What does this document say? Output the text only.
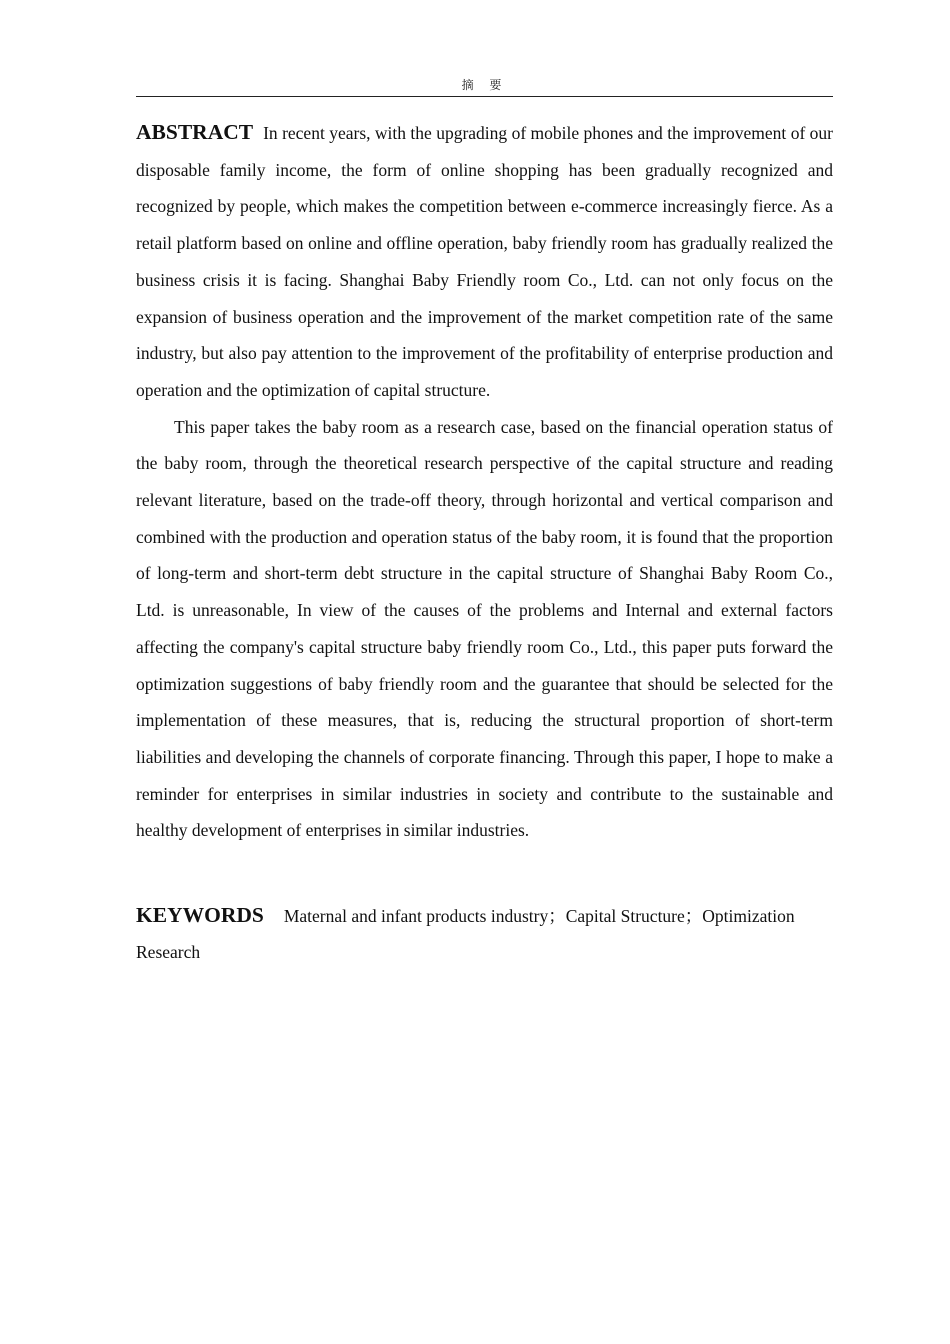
摘 要

ABSTRACT In recent years, with the upgrading of mobile phones and the improvement of our disposable family income, the form of online shopping has been gradually recognized and recognized by people, which makes the competition between e-commerce increasingly fierce. As a retail platform based on online and offline operation, baby friendly room has gradually realized the business crisis it is facing. Shanghai Baby Friendly room Co., Ltd. can not only focus on the expansion of business operation and the improvement of the market competition rate of the same industry, but also pay attention to the improvement of the profitability of enterprise production and operation and the optimization of capital structure.

This paper takes the baby room as a research case, based on the financial operation status of the baby room, through the theoretical research perspective of the capital structure and reading relevant literature, based on the trade-off theory, through horizontal and vertical comparison and combined with the production and operation status of the baby room, it is found that the proportion of long-term and short-term debt structure in the capital structure of Shanghai Baby Room Co., Ltd. is unreasonable, In view of the causes of the problems and Internal and external factors affecting the company's capital structure baby friendly room Co., Ltd., this paper puts forward the optimization suggestions of baby friendly room and the guarantee that should be selected for the implementation of these measures, that is, reducing the structural proportion of short-term liabilities and developing the channels of corporate financing. Through this paper, I hope to make a reminder for enterprises in similar industries in society and contribute to the sustainable and healthy development of enterprises in similar industries.

KEYWORDS Maternal and infant products industry；Capital Structure；Optimization Research
